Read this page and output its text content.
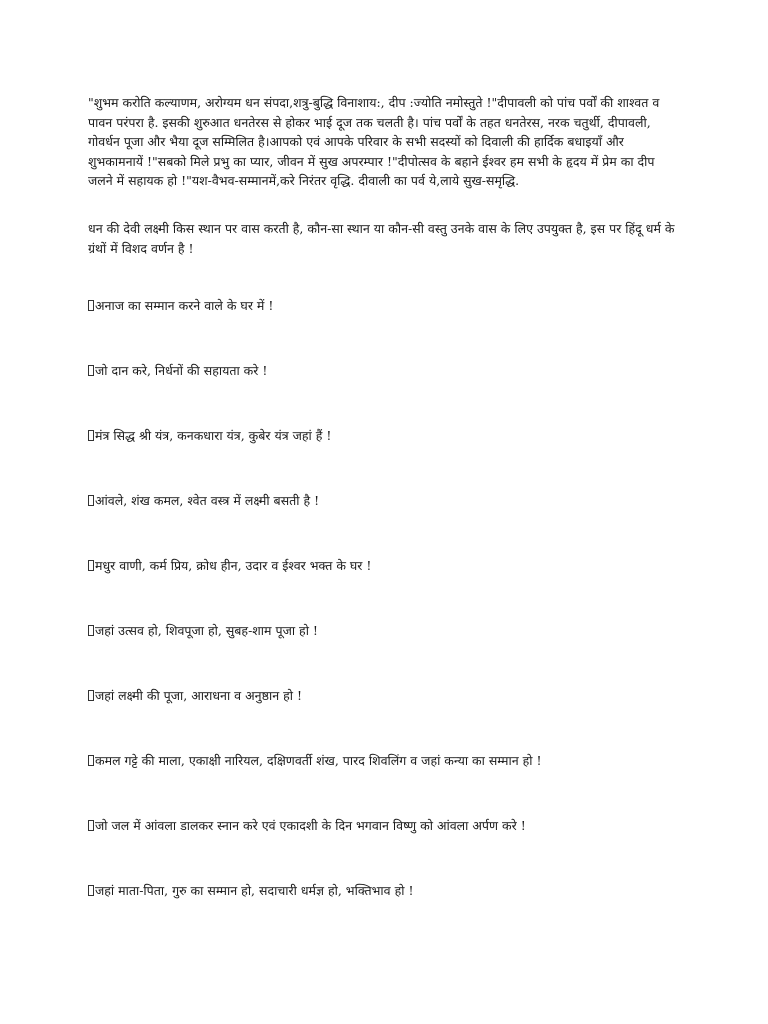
"शुभम करोति कल्याणम, अरोग्यम धन संपदा,शत्रु-बुद्धि विनाशाय:, दीप :ज्योति नमोस्तुते !"दीपावली को पांच पर्वों की शाश्वत व पावन परंपरा है. इसकी शुरुआत धनतेरस से होकर भाई दूज तक चलती है। पांच पर्वों के तहत धनतेरस, नरक चतुर्थी, दीपावली, गोवर्धन पूजा और भैया दूज सम्मिलित है।आपको एवं आपके परिवार के सभी सदस्यों को दिवाली की हार्दिक बधाइयाँ और शुभकामनायें !"सबको मिले प्रभु का प्यार, जीवन में सुख अपरम्पार !"दीपोत्सव के बहाने ईश्वर हम सभी के हृदय में प्रेम का दीप जलने में सहायक हो !"यश-वैभव-सम्मानमें,करे निरंतर वृद्धि. दीवाली का पर्व ये,लाये सुख-समृद्धि.

धन की देवी लक्ष्मी किस स्थान पर वास करती है, कौन-सा स्थान या कौन-सी वस्तु उनके वास के लिए उपयुक्त है, इस पर हिंदू धर्म के ग्रंथों में विशद वर्णन है !

अनाज का सम्मान करने वाले के घर में !
जो दान करे, निर्धनों की सहायता करे !
मंत्र सिद्ध श्री यंत्र, कनकधारा यंत्र, कुबेर यंत्र जहां हैं !
आंवले, शंख कमल, श्वेत वस्त्र में लक्ष्मी बसती है !
मधुर वाणी, कर्म प्रिय, क्रोध हीन, उदार व ईश्वर भक्त के घर !
जहां उत्सव हो, शिवपूजा हो, सुबह-शाम पूजा हो !
जहां लक्ष्मी की पूजा, आराधना व अनुष्ठान हो !
कमल गट्टे की माला, एकाक्षी नारियल, दक्षिणवर्ती शंख, पारद शिवलिंग व जहां कन्या का सम्मान हो !
जो जल में आंवला डालकर स्नान करे एवं एकादशी के दिन भगवान विष्णु को आंवला अर्पण करे !
जहां माता-पिता, गुरु का सम्मान हो, सदाचारी धर्मज्ञ हो, भक्तिभाव हो !
